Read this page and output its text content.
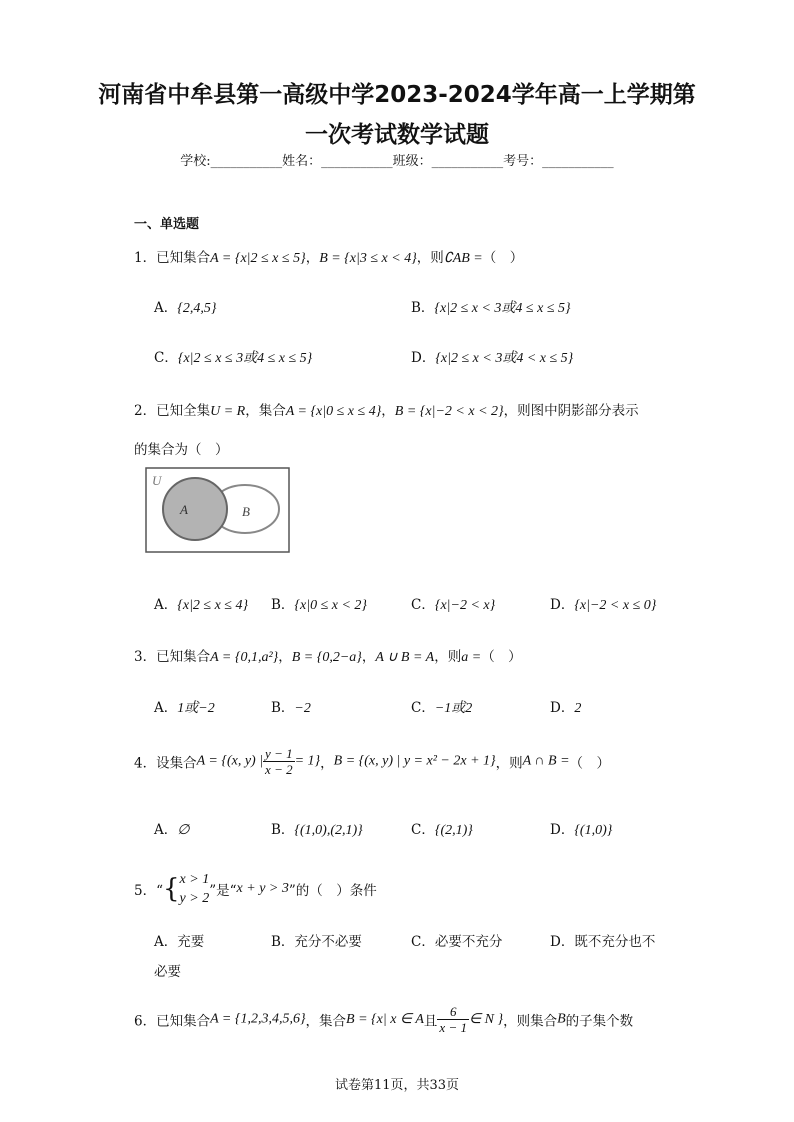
河南省中牟县第一高级中学2023-2024学年高一上学期第
一次考试数学试题
学校:___________姓名：___________班级：___________考号：___________
一、单选题
1．已知集合A = {x|2 ≤ x ≤ 5}，B = {x|3 ≤ x < 4}，则∁AB =（　）
A．{2,4,5}	B．{x|2 ≤ x < 3或4 ≤ x ≤ 5}
C．{x|2 ≤ x ≤ 3或4 ≤ x ≤ 5}	D．{x|2 ≤ x < 3或4 < x ≤ 5}
2．已知全集U = R，集合A = {x|0 ≤ x ≤ 4}，B = {x|−2 < x < 2}，则图中阴影部分表示
的集合为（　）
U
A	B
A．{x|2 ≤ x ≤ 4} B．{x|0 ≤ x < 2}	C．{x|−2 < x}	D．{x|−2 < x ≤ 0}
3．已知集合A = {0,1,a²}，B = {0,2−a}，A ∪ B = A，则a =（　）
A．1或−2	B．−2	C．−1或2	D．2
4．设集合A = {(x, y) | $\frac{y - 1}{x - 2} = 1$}，B = {(x, y) | y = x² − 2x + 1}，则A ∩ B =（　）
A．∅	B．{(1,0),(2,1)}	C．{(2,1)}	D．{(1,0)}
5．“{ x > 1
y > 2 ”是“x + y > 3”的（　）条件
A．充要	B．充分不必要	C．必要不充分	D．既不充分也不
必要
6．已知集合A = {1,2,3,4,5,6}，集合B = {x| x ∈ A且 $\frac{6}{x - 1}$ ∈ N }，则集合B的子集个数
试卷第11页，共33页
